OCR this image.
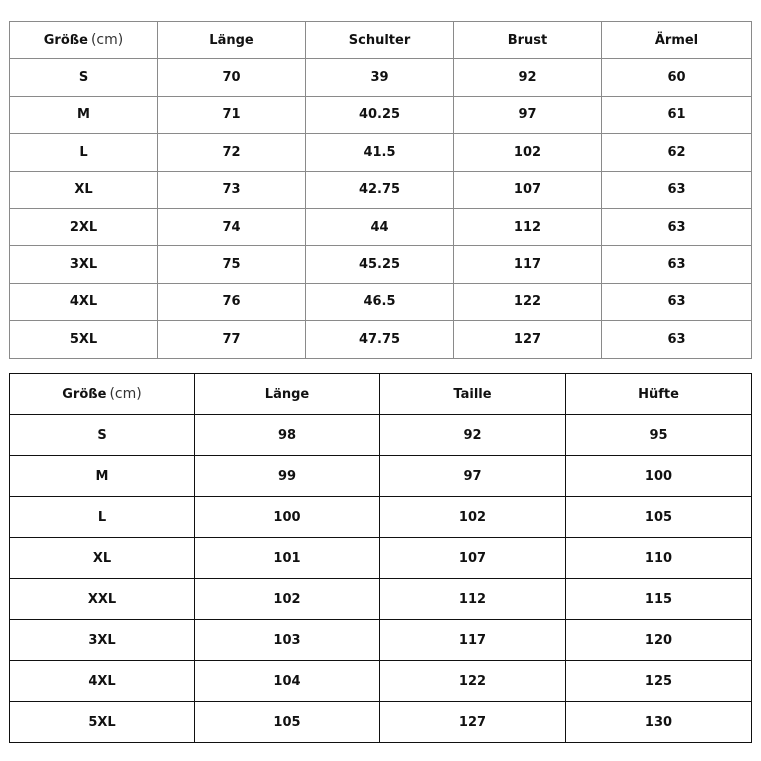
Größe (cm)	Länge	Schulter	Brust	Ärmel
S	70	39	92	60
M	71	40.25	97	61
L	72	41.5	102	62
XL	73	42.75	107	63
2XL	74	44	112	63
3XL	75	45.25	117	63
4XL	76	46.5	122	63
5XL	77	47.75	127	63
Größe (cm)	Länge	Taille	Hüfte
S	98	92	95
M	99	97	100
L	100	102	105
XL	101	107	110
XXL	102	112	115
3XL	103	117	120
4XL	104	122	125
5XL	105	127	130
